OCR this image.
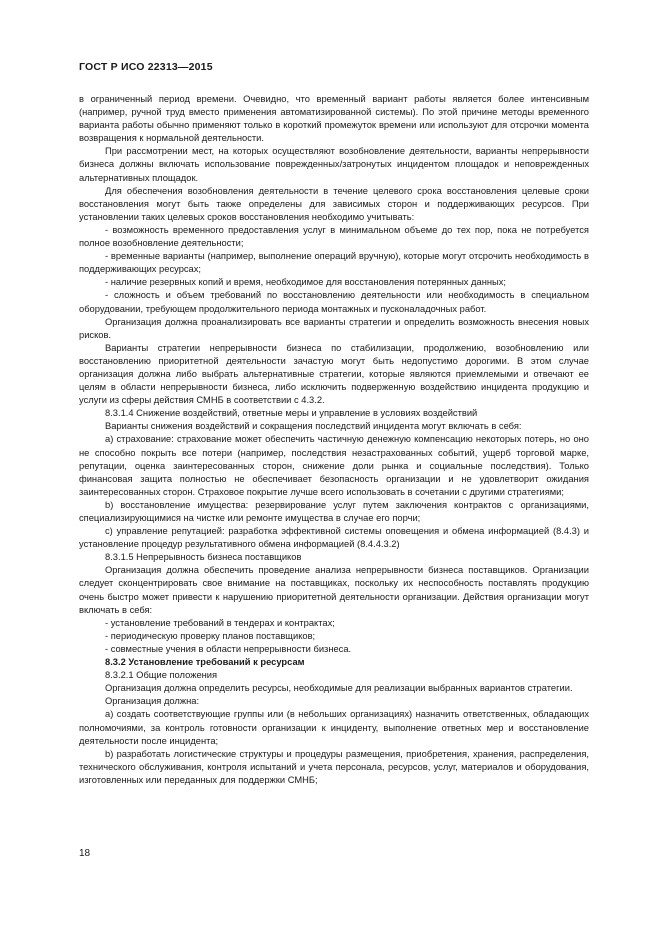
ГОСТ Р ИСО 22313—2015

в ограниченный период времени. Очевидно, что временный вариант работы является более интенсивным (например, ручной труд вместо применения автоматизированной системы). По этой причине методы временного варианта работы обычно применяют только в короткий промежуток времени или используют для отсрочки момента возвращения к нормальной деятельности.

При рассмотрении мест, на которых осуществляют возобновление деятельности, варианты непрерывности бизнеса должны включать использование поврежденных/затронутых инцидентом площадок и неповрежденных альтернативных площадок.

Для обеспечения возобновления деятельности в течение целевого срока восстановления целевые сроки восстановления могут быть также определены для зависимых сторон и поддерживающих ресурсов. При установлении таких целевых сроков восстановления необходимо учитывать:

- возможность временного предоставления услуг в минимальном объеме до тех пор, пока не потребуется полное возобновление деятельности;

- временные варианты (например, выполнение операций вручную), которые могут отсрочить необходимость в поддерживающих ресурсах;

- наличие резервных копий и время, необходимое для восстановления потерянных данных;

- сложность и объем требований по восстановлению деятельности или необходимость в специальном оборудовании, требующем продолжительного периода монтажных и пусконаладочных работ.

Организация должна проанализировать все варианты стратегии и определить возможность внесения новых рисков.

Варианты стратегии непрерывности бизнеса по стабилизации, продолжению, возобновлению или восстановлению приоритетной деятельности зачастую могут быть недопустимо дорогими. В этом случае организация должна либо выбрать альтернативные стратегии, которые являются приемлемыми и отвечают ее целям в области непрерывности бизнеса, либо исключить подверженную воздействию инцидента продукцию и услуги из сферы действия СМНБ в соответствии с 4.3.2.

8.3.1.4 Снижение воздействий, ответные меры и управление в условиях воздействий

Варианты снижения воздействий и сокращения последствий инцидента могут включать в себя:

a) страхование: страхование может обеспечить частичную денежную компенсацию некоторых потерь, но оно не способно покрыть все потери (например, последствия незастрахованных событий, ущерб торговой марке, репутации, оценка заинтересованных сторон, снижение доли рынка и социальные последствия). Только финансовая защита полностью не обеспечивает безопасность организации и не удовлетворит ожидания заинтересованных сторон. Страховое покрытие лучше всего использовать в сочетании с другими стратегиями;

b) восстановление имущества: резервирование услуг путем заключения контрактов с организациями, специализирующимися на чистке или ремонте имущества в случае его порчи;

c) управление репутацией: разработка эффективной системы оповещения и обмена информацией (8.4.3) и установление процедур результативного обмена информацией (8.4.4.3.2)

8.3.1.5 Непрерывность бизнеса поставщиков

Организация должна обеспечить проведение анализа непрерывности бизнеса поставщиков. Организации следует сконцентрировать свое внимание на поставщиках, поскольку их неспособность поставлять продукцию очень быстро может привести к нарушению приоритетной деятельности организации. Действия организации могут включать в себя:

- установление требований в тендерах и контрактах;

- периодическую проверку планов поставщиков;

- совместные учения в области непрерывности бизнеса.

8.3.2 Установление требований к ресурсам

8.3.2.1 Общие положения

Организация должна определить ресурсы, необходимые для реализации выбранных вариантов стратегии.

Организация должна:

a) создать соответствующие группы или (в небольших организациях) назначить ответственных, обладающих полномочиями, за контроль готовности организации к инциденту, выполнение ответных мер и восстановление деятельности после инцидента;

b) разработать логистические структуры и процедуры размещения, приобретения, хранения, распределения, технического обслуживания, контроля испытаний и учета персонала, ресурсов, услуг, материалов и оборудования, изготовленных или переданных для поддержки СМНБ;

18
